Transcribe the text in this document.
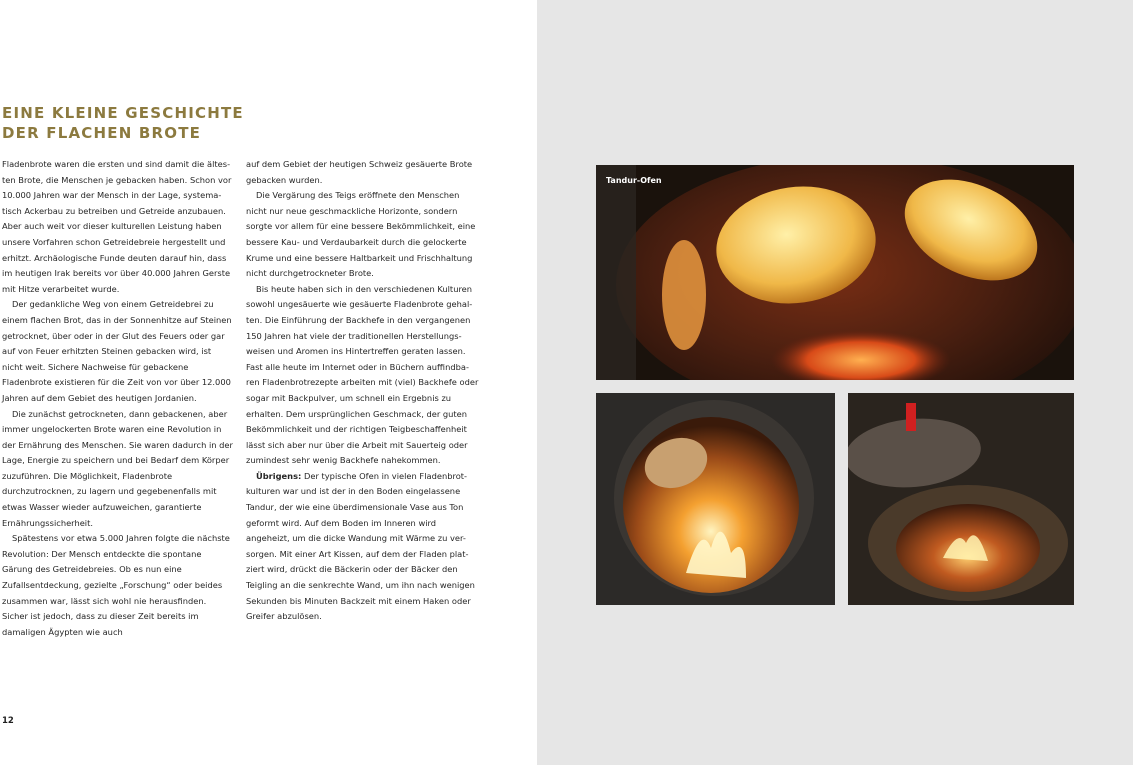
EINE KLEINE GESCHICHTE
DER FLACHEN BROTE

Fladenbrote waren die ersten und sind damit die ältes-ten Brote, die Menschen je gebacken haben. Schon vor 10.000 Jahren war der Mensch in der Lage, systema-tisch Ackerbau zu betreiben und Getreide anzubauen. Aber auch weit vor dieser kulturellen Leistung haben unsere Vorfahren schon Getreidebreie hergestellt und erhitzt. Archäologische Funde deuten darauf hin, dass im heutigen Irak bereits vor über 40.000 Jahren Gerste mit Hitze verarbeitet wurde.

Der gedankliche Weg von einem Getreidebrei zu einem flachen Brot, das in der Sonnenhitze auf Steinen getrocknet, über oder in der Glut des Feuers oder gar auf von Feuer erhitzten Steinen gebacken wird, ist nicht weit. Sichere Nachweise für gebackene Fladenbrote existieren für die Zeit von vor über 12.000 Jahren auf dem Gebiet des heutigen Jordanien.

Die zunächst getrockneten, dann gebackenen, aber immer ungelockerten Brote waren eine Revolution in der Ernährung des Menschen. Sie waren dadurch in der Lage, Energie zu speichern und bei Bedarf dem Körper zuzuführen. Die Möglichkeit, Fladenbrote durchzutrocknen, zu lagern und gegebenenfalls mit etwas Wasser wieder aufzuweichen, garantierte Ernährungssicherheit.

Spätestens vor etwa 5.000 Jahren folgte die nächste Revolution: Der Mensch entdeckte die spontane Gärung des Getreidebreies. Ob es nun eine Zufallsentdeckung, gezielte „Forschung“ oder beides zusammen war, lässt sich wohl nie herausfinden. Sicher ist jedoch, dass zu dieser Zeit bereits im damaligen Ägypten wie auch

auf dem Gebiet der heutigen Schweiz gesäuerte Brote gebacken wurden.

Die Vergärung des Teigs eröffnete den Menschen nicht nur neue geschmackliche Horizonte, sondern sorgte vor allem für eine bessere Bekömmlichkeit, eine bessere Kau- und Verdaubarkeit durch die gelockerte Krume und eine bessere Haltbarkeit und Frischhaltung nicht durchgetrockneter Brote.

Bis heute haben sich in den verschiedenen Kulturen sowohl ungesäuerte wie gesäuerte Fladenbrote gehal-ten. Die Einführung der Backhefe in den vergangenen 150 Jahren hat viele der traditionellen Herstellungs-weisen und Aromen ins Hintertreffen geraten lassen. Fast alle heute im Internet oder in Büchern auffindba-ren Fladenbrotrezepte arbeiten mit (viel) Backhefe oder sogar mit Backpulver, um schnell ein Ergebnis zu erhalten. Dem ursprünglichen Geschmack, der guten Bekömmlichkeit und der richtigen Teigbeschaffenheit lässt sich aber nur über die Arbeit mit Sauerteig oder zumindest sehr wenig Backhefe nahekommen.

Übrigens: Der typische Ofen in vielen Fladenbrot-kulturen war und ist der in den Boden eingelassene Tandur, der wie eine überdimensionale Vase aus Ton geformt wird. Auf dem Boden im Inneren wird angeheizt, um die dicke Wandung mit Wärme zu ver-sorgen. Mit einer Art Kissen, auf dem der Fladen plat-ziert wird, drückt die Bäckerin oder der Bäcker den Teigling an die senkrechte Wand, um ihn nach wenigen Sekunden bis Minuten Backzeit mit einem Haken oder Greifer abzulösen.

12
Tandur-Ofen
